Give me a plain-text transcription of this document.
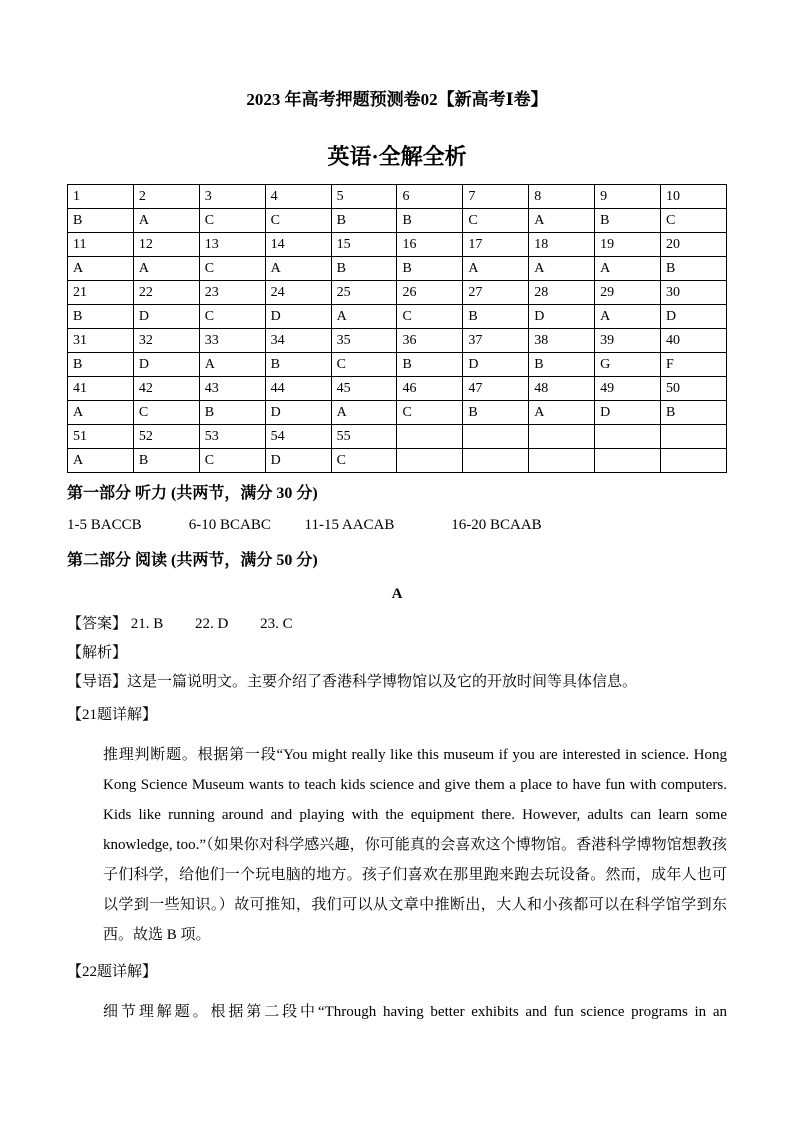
2023 年高考押题预测卷02【新高考Ⅰ卷】
英语·全解全析
1	2	3	4	5	6	7	8	9	10
B	A	C	C	B	B	C	A	B	C
11	12	13	14	15	16	17	18	19	20
A	A	C	A	B	B	A	A	A	B
21	22	23	24	25	26	27	28	29	30
B	D	C	D	A	C	B	D	A	D
31	32	33	34	35	36	37	38	39	40
B	D	A	B	C	B	D	B	G	F
41	42	43	44	45	46	47	48	49	50
A	C	B	D	A	C	B	A	D	B
51	52	53	54	55					
A	B	C	D	C					

第一部分 听力 (共两节，满分 30 分)

1-5 BACCB	6-10 BCABC 11-15 AACAB	16-20 BCAAB

第二部分 阅读 (共两节，满分 50 分)

A

【答案】 21. B 22. D 23. C

【解析】

【导语】这是一篇说明文。主要介绍了香港科学博物馆以及它的开放时间等具体信息。

【21题详解】

推理判断题。根据第一段“You might really like this museum if you are interested in science. Hong Kong Science Museum wants to teach kids science and give them a place to have fun with computers. Kids like running around and playing with the equipment there. However, adults can learn some knowledge, too.”（如果你对科学感兴趣，你可能真的会喜欢这个博物馆。香港科学博物馆想教孩子们科学，给他们一个玩电脑的地方。孩子们喜欢在那里跑来跑去玩设备。然而，成年人也可以学到一些知识。）故可推知，我们可以从文章中推断出，大人和小孩都可以在科学馆学到东西。故选 B 项。

【22题详解】

细节理解题。根据第二段中“Through having better exhibits and fun science programs in an
